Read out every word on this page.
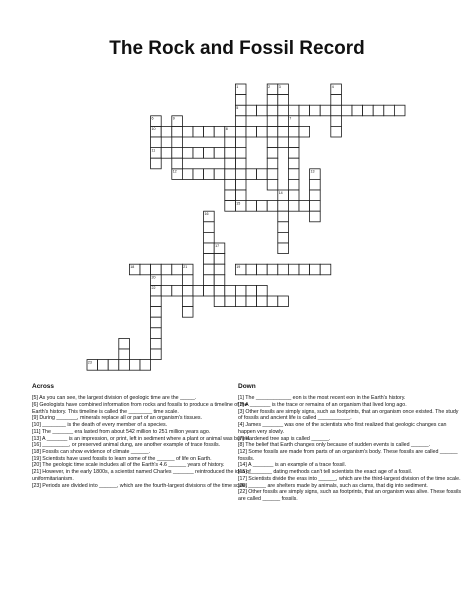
The Rock and Fossil Record
1	2 3	4
5
6	7
8
9
10
11
12	13
14
15
16
17
18	19
20
21
22
23
Across

[5] As you can see, the largest division of geologic time are the _____.

[6] Geologists have combined information from rocks and fossils to produce a timeline of the Earth's history. This timeline is called the ________ time scale.

[9] During _______, minerals replace all or part of an organism's tissues.

[10] ________ is the death of every member of a species.

[11] The _______ era lasted from about 542 million to 251 million years ago.

[13] A _______ is an impression, or print, left in sediment where a plant or animal was buried.

[16] _________, or preserved animal dung, are another example of trace fossils.

[18] Fossils can show evidence of climate ______.

[19] Scientists have used fossils to learn some of the ______ of life on Earth.

[20] The geologic time scale includes all of the Earth's 4.6 ______ years of history.

[21] However, in the early 1800s, a scientist named Charles _______ reintroduced the idea of uniformitarianism.

[23] Periods are divided into ______, which are the fourth-largest divisions of the time scale.

Down

[1] The ____________ eon is the most recent eon in the Earth's history.

[2] A _______ is the trace or remains of an organism that lived long ago.

[3] Other fossils are simply signs, such as footprints, that an organism once existed. The study of fossils and ancient life is called ___________.

[4] James _______ was one of the scientists who first realized that geologic changes can happen very slowly.

[7] Hardened tree sap is called ______.

[8] The belief that Earth changes only because of sudden events is called ______.

[12] Some fossils are made from parts of an organism's body. These fossils are called ______ fossils.

[14] A _______ is an example of a trace fossil.

[15] ________ dating methods can't tell scientists the exact age of a fossil.

[17] Scientists divide the eras into ______, which are the third-largest division of the time scale.

[20] ______ are shelters made by animals, such as clams, that dig into sediment.

[22] Other fossils are simply signs, such as footprints, that an organism was alive. These fossils are called ______ fossils.
